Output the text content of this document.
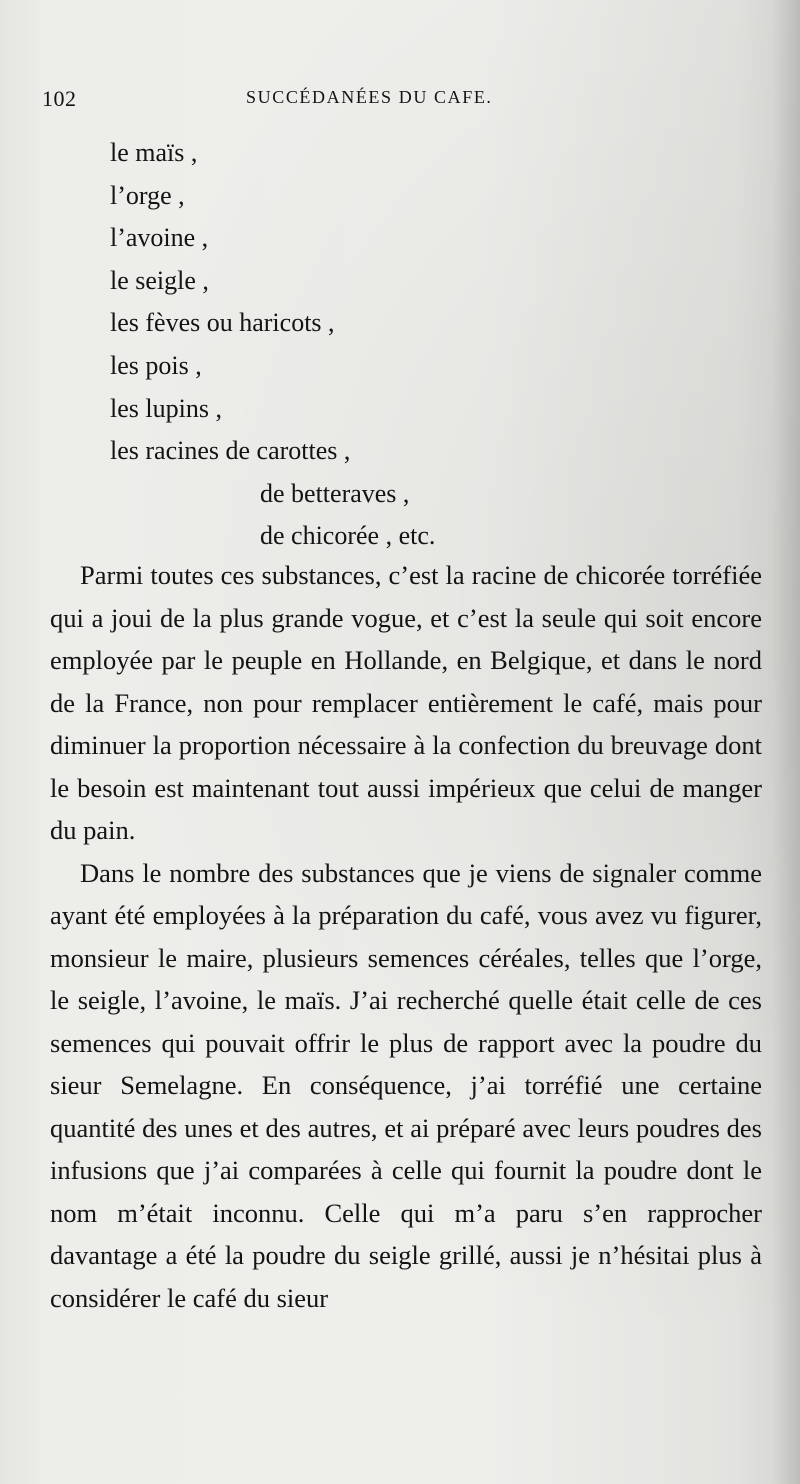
102	SUCCÉDANÉES DU CAFE.
le maïs ,
l’orge ,
l’avoine ,
le seigle ,
les fèves ou haricots ,
les pois ,
les lupins ,
les racines de carottes ,
de betteraves ,
de chicorée , etc.

Parmi toutes ces substances, c’est la racine de chicorée torréfiée qui a joui de la plus grande vogue, et c’est la seule qui soit encore employée par le peuple en Hollande, en Belgique, et dans le nord de la France, non pour remplacer entièrement le café, mais pour diminuer la proportion nécessaire à la confection du breuvage dont le besoin est maintenant tout aussi impérieux que celui de manger du pain.

Dans le nombre des substances que je viens de signaler comme ayant été employées à la préparation du café, vous avez vu figurer, monsieur le maire, plusieurs semences céréales, telles que l’orge, le seigle, l’avoine, le maïs. J’ai recherché quelle était celle de ces semences qui pouvait offrir le plus de rapport avec la poudre du sieur Semelagne. En conséquence, j’ai torréfié une certaine quantité des unes et des autres, et ai préparé avec leurs poudres des infusions que j’ai comparées à celle qui fournit la poudre dont le nom m’était inconnu. Celle qui m’a paru s’en rapprocher davantage a été la poudre du seigle grillé, aussi je n’hésitai plus à considérer le café du sieur
